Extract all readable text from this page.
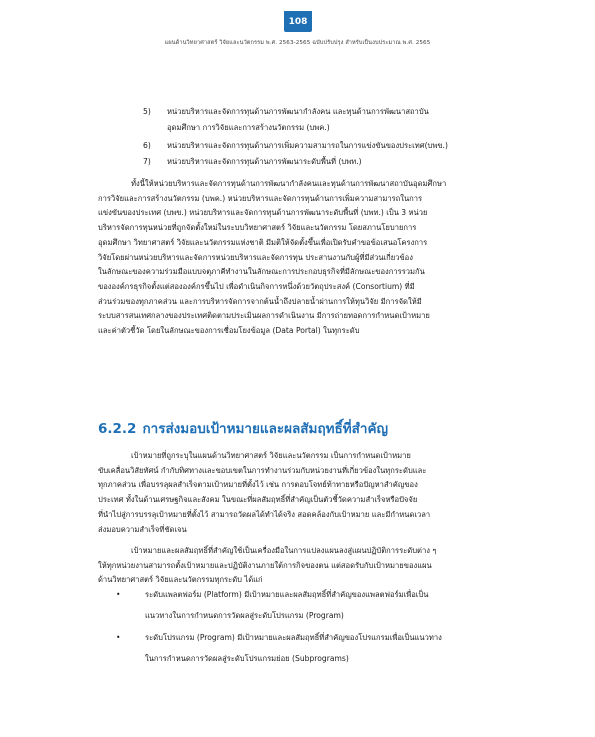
108
แผนด้านวิทยาศาสตร์ วิจัยและนวัตกรรม พ.ศ. 2563-2565 ฉบับปรับปรุง สำหรับเป็นงบประมาณ พ.ศ. 2565
5) หน่วยบริหารและจัดการทุนด้านการพัฒนากำลังคน และทุนด้านการพัฒนาสถาบัน
อุดมศึกษา การวิจัยและการสร้างนวัตกรรม (บพค.)
6) หน่วยบริหารและจัดการทุนด้านการเพิ่มความสามารถในการแข่งขันของประเทศ(บพข.)
7) หน่วยบริหารและจัดการทุนด้านการพัฒนาระดับพื้นที่ (บพท.)
ทั้งนี้ให้หน่วยบริหารและจัดการทุนด้านการพัฒนากำลังคนและทุนด้านการพัฒนาสถาบันอุดมศึกษา
การวิจัยและการสร้างนวัตกรรม (บพค.) หน่วยบริหารและจัดการทุนด้านการเพิ่มความสามารถในการ
แข่งขันของประเทศ (บพข.) หน่วยบริหารและจัดการทุนด้านการพัฒนาระดับพื้นที่ (บพท.) เป็น 3 หน่วย
บริหารจัดการทุนหน่วยที่ถูกจัดตั้งใหม่ในระบบวิทยาศาสตร์ วิจัยและนวัตกรรม โดยสภานโยบายการ
อุดมศึกษา วิทยาศาสตร์ วิจัยและนวัตกรรมแห่งชาติ มีมติให้จัดตั้งขึ้นเพื่อเปิดรับคำขอข้อเสนอโครงการ
วิจัยโดยผ่านหน่วยบริหารและจัดการหน่วยบริหารและจัดการทุน ประสานงานกับผู้ที่มีส่วนเกี่ยวข้อง
ในลักษณะของความร่วมมือแบบจตุภาคีทำงานในลักษณะการประกอบธุรกิจที่มีลักษณะของการรวมกัน
ขององค์กรธุรกิจตั้งแต่สององค์กรขึ้นไป เพื่อดำเนินกิจการหนึ่งด้วยวัตถุประสงค์ (Consortium) ที่มี
ส่วนร่วมของทุกภาคส่วน และการบริหารจัดการจากต้นน้ำถึงปลายน้ำผ่านการให้ทุนวิจัย มีการจัดให้มี
ระบบสารสนเทศกลางของประเทศติดตามประเมินผลการดำเนินงาน มีการถ่ายทอดการกำหนดเป้าหมาย
และค่าตัวชี้วัด โดยในลักษณะของการเชื่อมโยงข้อมูล (Data Portal) ในทุกระดับ
6.2.2 การส่งมอบเป้าหมายและผลสัมฤทธิ์ที่สำคัญ
เป้าหมายที่ถูกระบุในแผนด้านวิทยาศาสตร์ วิจัยและนวัตกรรม เป็นการกำหนดเป้าหมาย
ขับเคลื่อนวิสัยทัศน์ กำกับทิศทางและขอบเขตในการทำงานร่วมกับหน่วยงานที่เกี่ยวข้องในทุกระดับและ
ทุกภาคส่วน เพื่อบรรลุผลสำเร็จตามเป้าหมายที่ตั้งไว้ เช่น การตอบโจทย์ท้าทายหรือปัญหาสำคัญของ
ประเทศ ทั้งในด้านเศรษฐกิจและสังคม ในขณะที่ผลสัมฤทธิ์ที่สำคัญเป็นตัวชี้วัดความสำเร็จหรือปัจจัย
ที่นำไปสู่การบรรลุเป้าหมายที่ตั้งไว้ สามารถวัดผลได้ทำได้จริง สอดคล้องกับเป้าหมาย และมีกำหนดเวลา
ส่งมอบความสำเร็จที่ชัดเจน
เป้าหมายและผลสัมฤทธิ์ที่สำคัญใช้เป็นเครื่องมือในการแปลงแผนลงสู่แผนปฏิบัติการระดับต่าง ๆ
ให้ทุกหน่วยงานสามารถตั้งเป้าหมายและปฏิบัติงานภายใต้การกิจของตน แต่สอดรับกับเป้าหมายของแผน
ด้านวิทยาศาสตร์ วิจัยและนวัตกรรมทุกระดับ ได้แก่
•	ระดับแพลตฟอร์ม (Platform) มีเป้าหมายและผลสัมฤทธิ์ที่สำคัญของแพลตฟอร์มเพื่อเป็น
แนวทางในการกำหนดการวัดผลสู่ระดับโปรแกรม (Program)
•	ระดับโปรแกรม (Program) มีเป้าหมายและผลสัมฤทธิ์ที่สำคัญของโปรแกรมเพื่อเป็นแนวทาง
ในการกำหนดการวัดผลสู่ระดับโปรแกรมย่อย (Subprograms)
